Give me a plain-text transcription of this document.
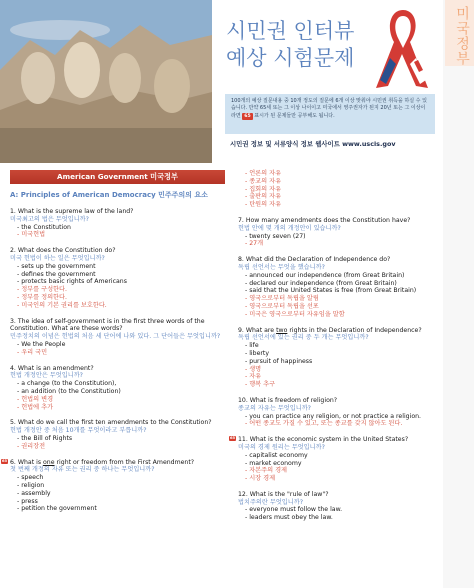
시민권 인터뷰
예상 시험문제
100개의 예상 질문내용 중 10개 정도의 질문에 6개 이상 맞춰야 시민권 취득을 하실 수 있습니다. 만약 65세 또는 그 이상 나이이고 미국에서 영주권자가 된지 20년 또는 그 이상이라면 65 표시가 된 문제들만 공부해도 됩니다.
시민권 정보 및 서류양식 정보 웹사이트 www.uscis.gov
미국정부
American Government 미국정부
A: Principles of American Democracy 민주주의의 요소
1. What is the supreme law of the land?
미국최고의 법은 무엇입니까?
- the Constitution
- 미국헌법
2. What does the Constitution do?
미국 헌법이 하는 일은 무엇입니까?
- sets up the government
- defines the government
- protects basic rights of Americans
- 정부를 구성한다.
- 정부를 정의한다.
- 미국인의 기본 권리를 보호한다.
3. The idea of self-government is in the first three words of the Constitution. What are these words?
민주정치의 이념은 헌법의 처음 세 단어에 나와 있다. 그 단어들은 무엇입니까?
- We the People
- 우리 국민
4. What is an amendment?
헌법 개정안은 무엇입니까?
- a change (to the Constitution),
- an addition (to the Constitution)
- 헌법의 변경
- 헌법에 추가
5. What do we call the first ten amendments to the Constitution?
헌법 개정안 중 처음 10개를 무엇이라고 부릅니까?
- the Bill of Rights
- 권리장전
65 6. What is one right or freedom from the First Amendment?
첫 번째 개정의 자유 또는 권리 중 하나는 무엇입니까?
- speech
- religion
- assembly
- press
- petition the government
- 언론의 자유
- 종교의 자유
- 집회의 자유
- 출판의 자유
- 탄원의 자유
7. How many amendments does the Constitution have?
헌법 안에 몇 개의 개정안이 있습니까?
- twenty seven (27)
- 27개
8. What did the Declaration of Independence do?
독립 선언서는 무엇을 했습니까?
- announced our independence (from Great Britain)
- declared our independence (from Great Britain)
- said that the United States is free (from Great Britain)
- 영국으로부터 독립을 알림
- 영국으로부터 독립을 선포
- 미국은 영국으로부터 자유임을 말함
9. What are two rights in the Declaration of Independence?
독립 선언서에 있는 권리 중 두 개는 무엇입니까?
- life
- liberty
- pursuit of happiness
- 생명
- 자유
- 행복 추구
10. What is freedom of religion?
종교의 자유는 무엇입니까?
- you can practice any religion, or not practice a religion.
- 어떤 종교도 가질 수 있고, 또는 종교를 갖지 않아도 된다.
65 11. What is the economic system in the United States?
미국의 경제 원리는 무엇입니까?
- capitalist economy
- market economy
- 자본주의 경제
- 시장 경제
12. What is the "rule of law"?
법치주의란 무엇입니까?
- everyone must follow the law.
- leaders must obey the law.
